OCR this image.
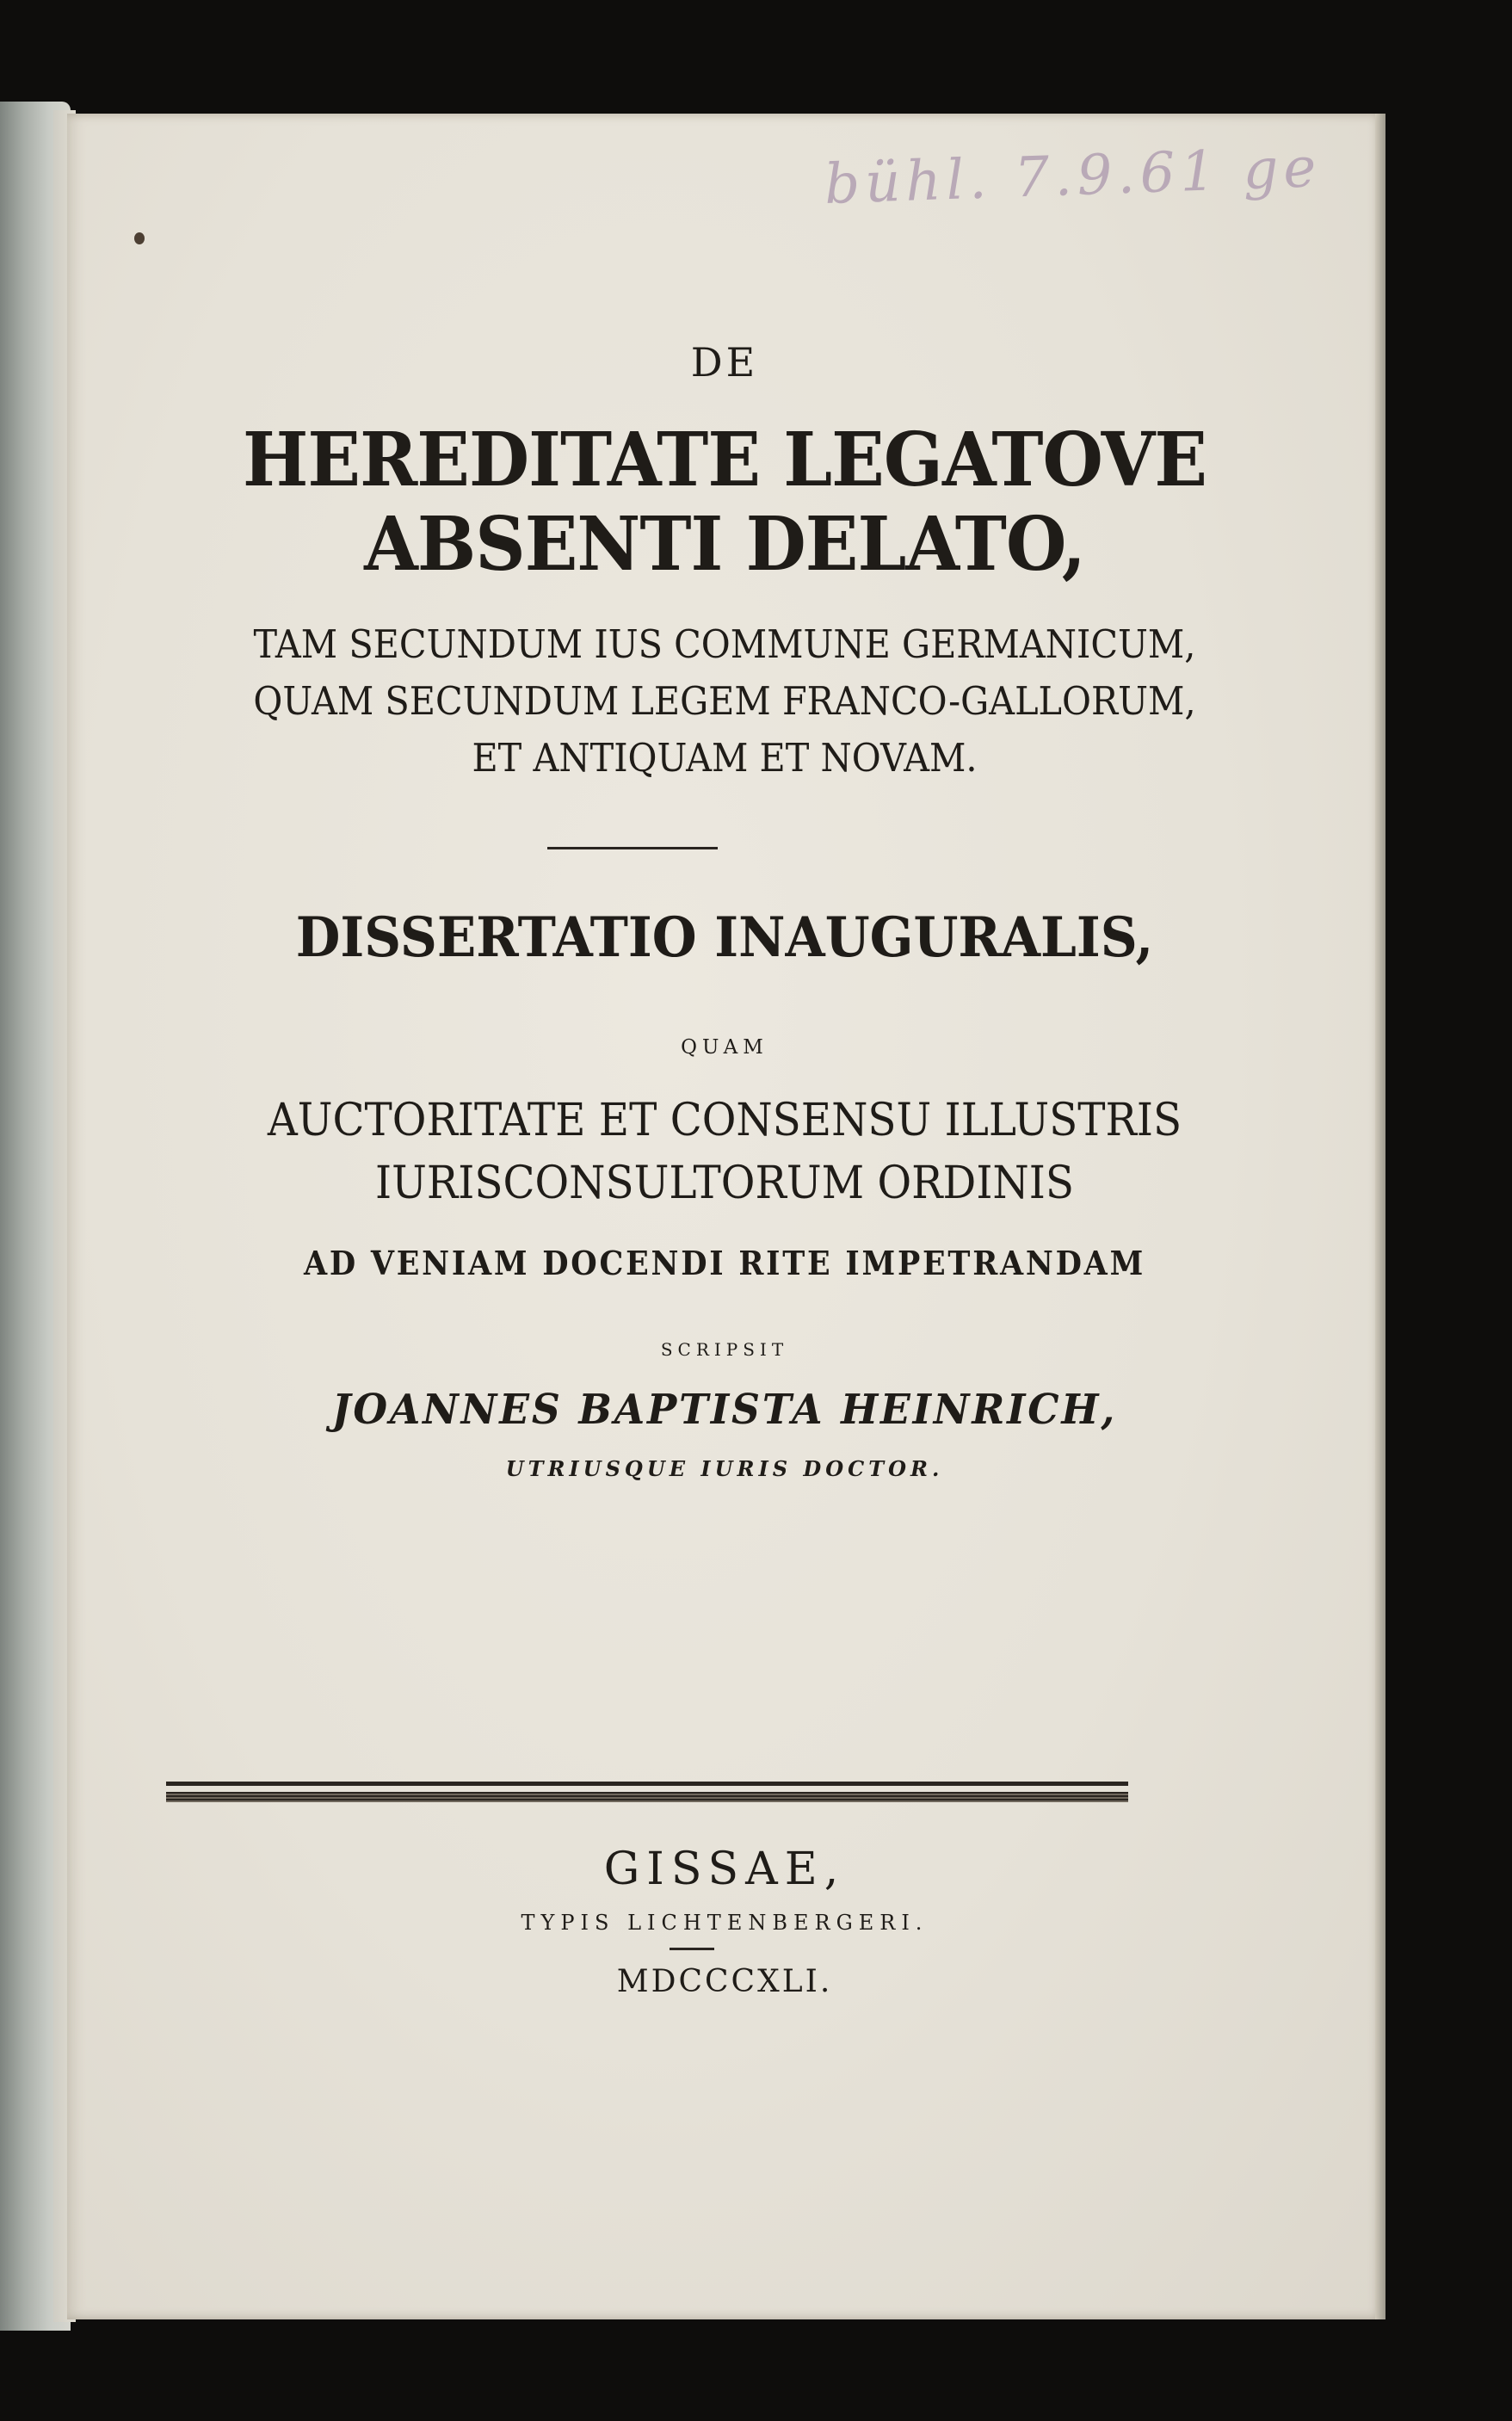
bühl. 7.9.61 ge
DE
HEREDITATE LEGATOVE
ABSENTI DELATO,
TAM SECUNDUM IUS COMMUNE GERMANICUM,
QUAM SECUNDUM LEGEM FRANCO-GALLORUM,
ET ANTIQUAM ET NOVAM.
DISSERTATIO INAUGURALIS,
QUAM
AUCTORITATE ET CONSENSU ILLUSTRIS
IURISCONSULTORUM ORDINIS
AD VENIAM DOCENDI RITE IMPETRANDAM
SCRIPSIT
JOANNES BAPTISTA HEINRICH,
UTRIUSQUE IURIS DOCTOR.
GISSAE,
TYPIS LICHTENBERGERI.
MDCCCXLI.
